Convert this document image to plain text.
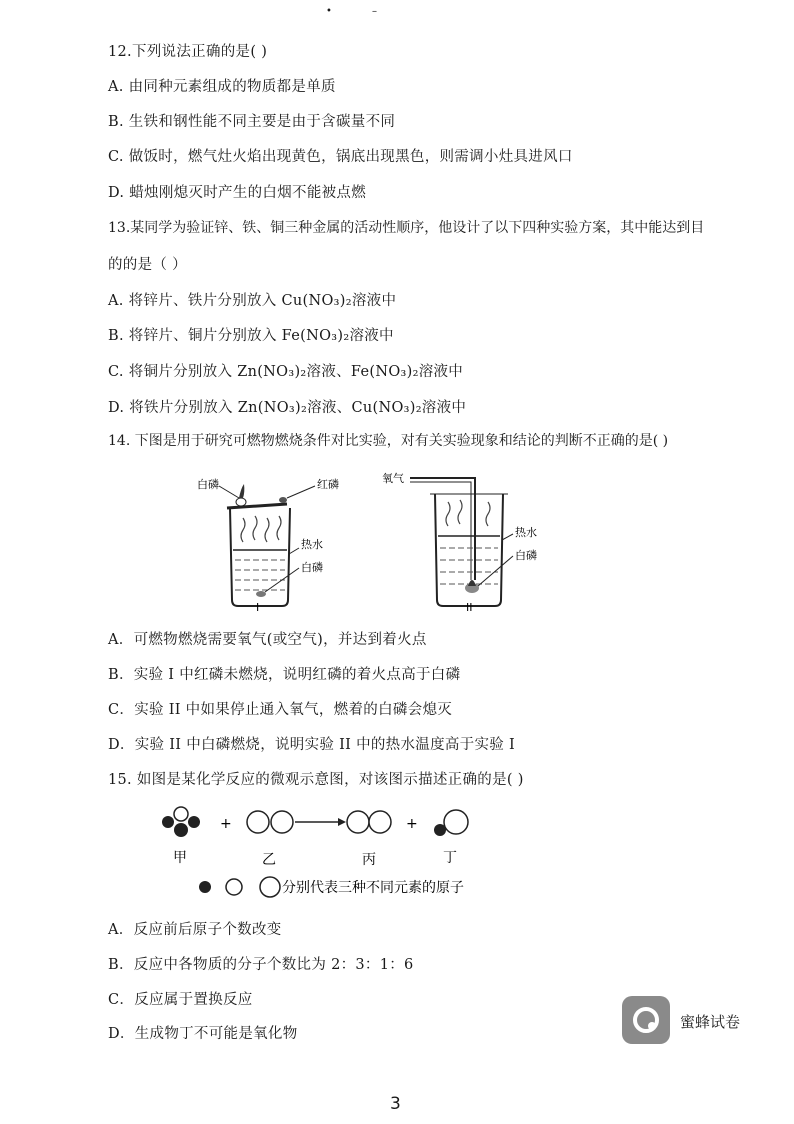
•	–
12.下列说法正确的是( )
A. 由同种元素组成的物质都是单质
B. 生铁和钢性能不同主要是由于含碳量不同
C. 做饭时，燃气灶火焰出现黄色，锅底出现黑色，则需调小灶具进风口
D. 蜡烛刚熄灭时产生的白烟不能被点燃
13.某同学为验证锌、铁、铜三种金属的活动性顺序，他设计了以下四种实验方案，其中能达到目
的的是（ ）
A. 将锌片、铁片分别放入 Cu(NO₃)₂溶液中
B. 将锌片、铜片分别放入 Fe(NO₃)₂溶液中
C. 将铜片分别放入 Zn(NO₃)₂溶液、Fe(NO₃)₂溶液中
D. 将铁片分别放入 Zn(NO₃)₂溶液、Cu(NO₃)₂溶液中
14. 下图是用于研究可燃物燃烧条件对比实验，对有关实验现象和结论的判断不正确的是( )
白磷	红磷
热水
白磷
I
氧气
热水
白磷
II
A．可燃物燃烧需要氧气(或空气)，并达到着火点
B．实验 I 中红磷未燃烧，说明红磷的着火点高于白磷
C．实验 II 中如果停止通入氧气，燃着的白磷会熄灭
D．实验 II 中白磷燃烧，说明实验 II 中的热水温度高于实验 I
15. 如图是某化学反应的微观示意图，对该图示描述正确的是( )
+	+
甲	乙	丙	丁
分别代表三种不同元素的原子
A．反应前后原子个数改变
B．反应中各物质的分子个数比为 2：3：1：6
C．反应属于置换反应
D．生成物丁不可能是氧化物
蜜蜂试卷
3
